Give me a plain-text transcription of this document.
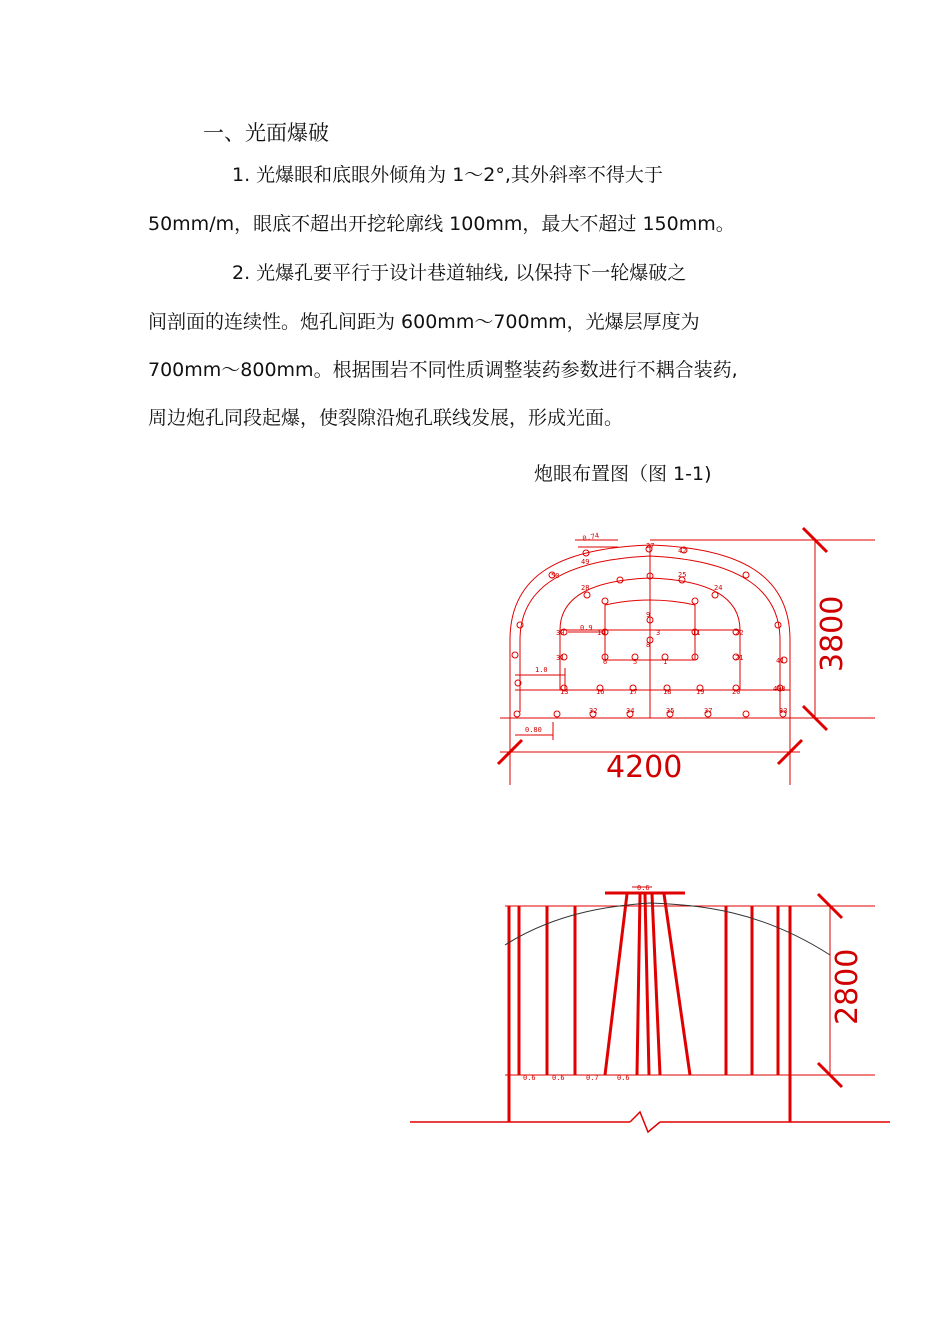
一、光面爆破
1. 光爆眼和底眼外倾角为 1～2°,其外斜率不得大于
50mm/m，眼底不超出开挖轮廓线 100mm，最大不超过 150mm。
2. 光爆孔要平行于设计巷道轴线, 以保持下一轮爆破之
间剖面的连续性。炮孔间距为 600mm～700mm，光爆层厚度为
700mm～800mm。根据围岩不同性质调整装药参数进行不耦合装药,
周边炮孔同段起爆，使裂隙沿炮孔联线发展，形成光面。
炮眼布置图（图 1-1)
49
27
42
50
28
25
24
9
8
30	14	3	11	22
31	6	5	1	21
13	16	17	18	19	20	400
41
34	35	37
32	33
0.74
0.9
1.0
0.80
4200
3800
0.6
0.6 0.6	0.7	0.6
2800
